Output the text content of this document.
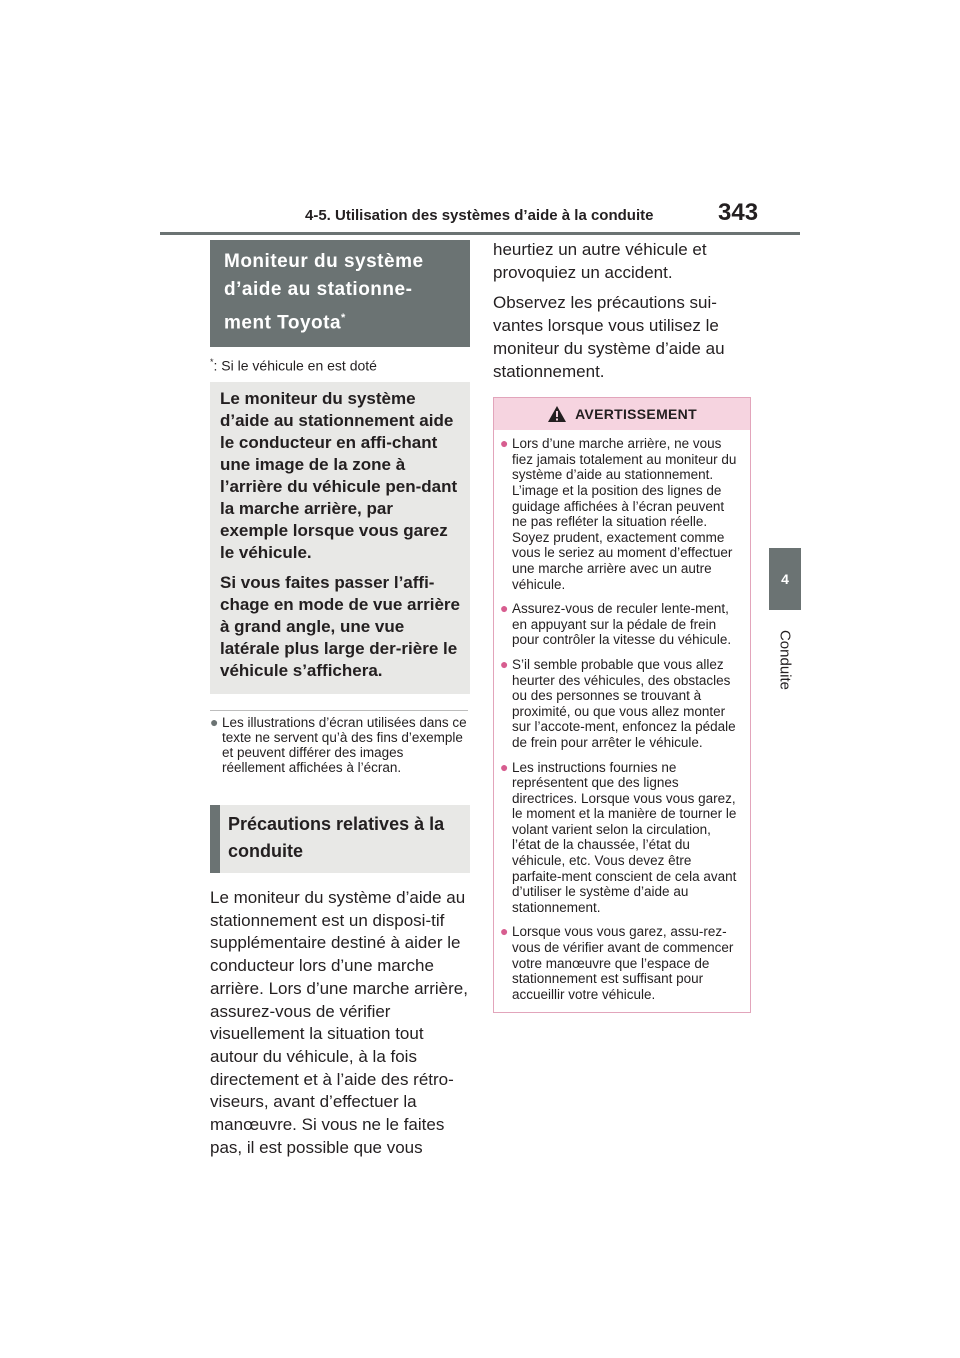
4-5. Utilisation des systèmes d’aide à la conduite	343
4
Conduite
Moniteur du système d’aide au stationne-ment Toyota*

*: Si le véhicule en est doté

Le moniteur du système d’aide au stationnement aide le conducteur en affi-chant une image de la zone à l’arrière du véhicule pen-dant la marche arrière, par exemple lorsque vous garez le véhicule.

Si vous faites passer l’affi-chage en mode de vue arrière à grand angle, une vue latérale plus large der-rière le véhicule s’affichera.

● Les illustrations d’écran utilisées dans ce texte ne servent qu’à des fins d’exemple et peuvent différer des images réellement affichées à l’écran.
Précautions relatives à la conduite
Le moniteur du système d’aide au stationnement est un disposi-tif supplémentaire destiné à aider le conducteur lors d’une marche arrière. Lors d’une marche arrière, assurez-vous de vérifier visuellement la situation tout autour du véhicule, à la fois directement et à l’aide des rétro-viseurs, avant d’effectuer la manœuvre. Si vous ne le faites pas, il est possible que vous

heurtiez un autre véhicule et provoquiez un accident.

Observez les précautions sui-vantes lorsque vous utilisez le moniteur du système d’aide au stationnement.

AVERTISSEMENT
● Lors d’une marche arrière, ne vous fiez jamais totalement au moniteur du système d’aide au stationnement. L’image et la position des lignes de guidage affichées à l’écran peuvent ne pas refléter la situation réelle. Soyez prudent, exactement comme vous le seriez au moment d’effectuer une marche arrière avec un autre véhicule.
● Assurez-vous de reculer lente-ment, en appuyant sur la pédale de frein pour contrôler la vitesse du véhicule.
● S’il semble probable que vous allez heurter des véhicules, des obstacles ou des personnes se trouvant à proximité, ou que vous allez monter sur l’accote-ment, enfoncez la pédale de frein pour arrêter le véhicule.
● Les instructions fournies ne représentent que des lignes directrices. Lorsque vous vous garez, le moment et la manière de tourner le volant varient selon la circulation, l’état de la chaussée, l’état du véhicule, etc. Vous devez être parfaite-ment conscient de cela avant d’utiliser le système d’aide au stationnement.
● Lorsque vous vous garez, assu-rez-vous de vérifier avant de commencer votre manœuvre que l’espace de stationnement est suffisant pour accueillir votre véhicule.
